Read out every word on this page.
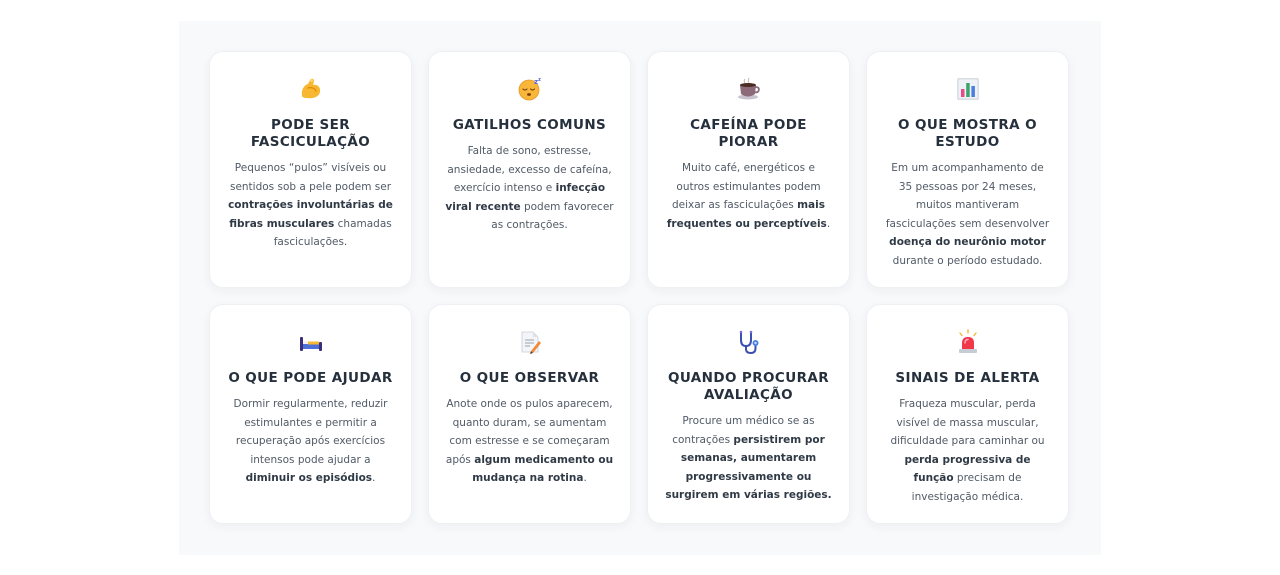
PODE SER FASCICULAÇÃO

Pequenos “pulos” visíveis ou sentidos sob a pele podem ser contrações involuntárias de fibras musculares chamadas fasciculações.

z z
GATILHOS COMUNS

Falta de sono, estresse, ansiedade, excesso de cafeína, exercício intenso e infecção viral recente podem favorecer as contrações.

CAFEÍNA PODE PIORAR

Muito café, energéticos e outros estimulantes podem deixar as fasciculações mais frequentes ou perceptíveis.

O QUE MOSTRA O ESTUDO

Em um acompanhamento de 35 pessoas por 24 meses, muitos mantiveram fasciculações sem desenvolver doença do neurônio motor durante o período estudado.

O QUE PODE AJUDAR

Dormir regularmente, reduzir estimulantes e permitir a recuperação após exercícios intensos pode ajudar a diminuir os episódios.

O QUE OBSERVAR

Anote onde os pulos aparecem, quanto duram, se aumentam com estresse e se começaram após algum medicamento ou mudança na rotina.

QUANDO PROCURAR AVALIAÇÃO

Procure um médico se as contrações persistirem por semanas, aumentarem progressivamente ou surgirem em várias regiões.

SINAIS DE ALERTA

Fraqueza muscular, perda visível de massa muscular, dificuldade para caminhar ou perda progressiva de função precisam de investigação médica.
